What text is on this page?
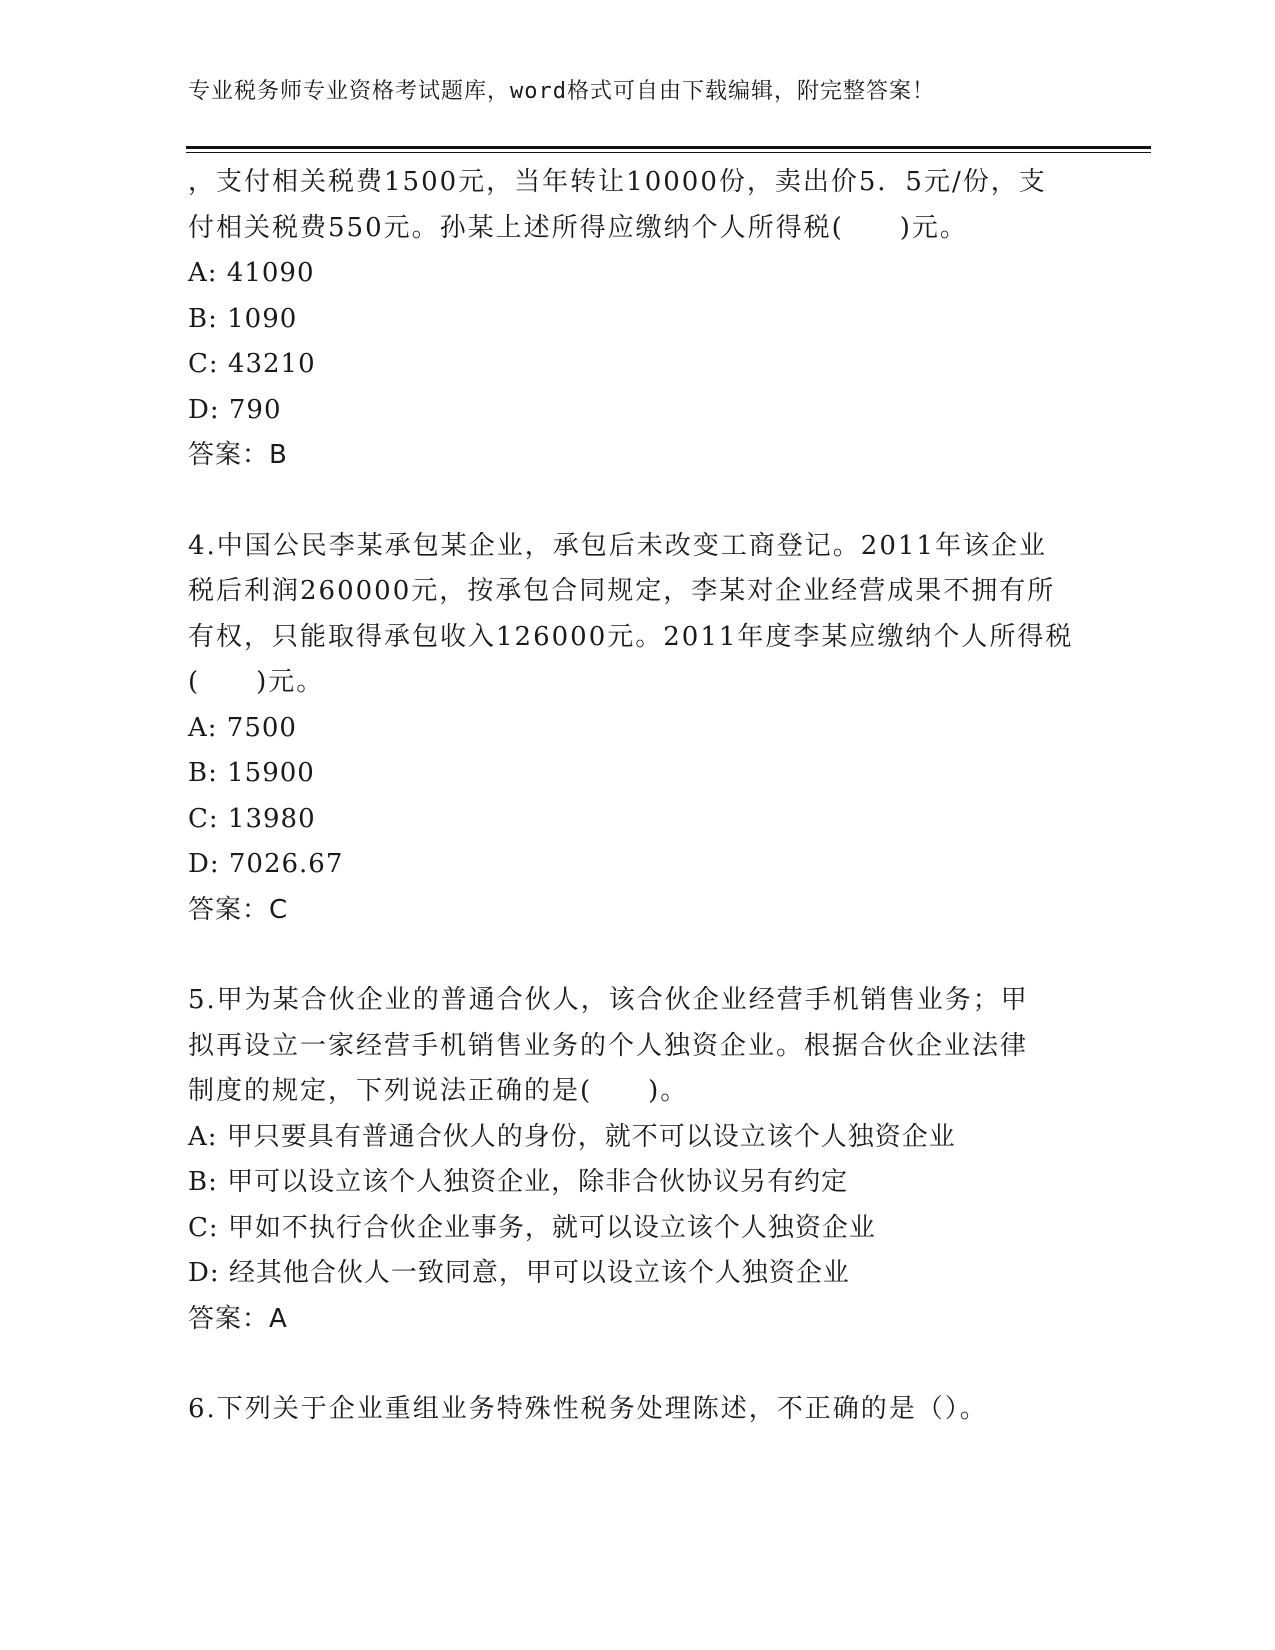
专业税务师专业资格考试题库，word格式可自由下载编辑，附完整答案！
，支付相关税费1500元，当年转让10000份，卖出价5．5元/份，支
付相关税费550元。孙某上述所得应缴纳个人所得税(　　)元。
A: 41090
B: 1090
C: 43210
D: 790
答案：B
4.中国公民李某承包某企业，承包后未改变工商登记。2011年该企业
税后利润260000元，按承包合同规定，李某对企业经营成果不拥有所
有权，只能取得承包收入126000元。2011年度李某应缴纳个人所得税
(　　)元。
A: 7500
B: 15900
C: 13980
D: 7026.67
答案：C
5.甲为某合伙企业的普通合伙人，该合伙企业经营手机销售业务；甲
拟再设立一家经营手机销售业务的个人独资企业。根据合伙企业法律
制度的规定，下列说法正确的是(　　)。
A: 甲只要具有普通合伙人的身份，就不可以设立该个人独资企业
B: 甲可以设立该个人独资企业，除非合伙协议另有约定
C: 甲如不执行合伙企业事务，就可以设立该个人独资企业
D: 经其他合伙人一致同意，甲可以设立该个人独资企业
答案：A
6.下列关于企业重组业务特殊性税务处理陈述，不正确的是（）。
